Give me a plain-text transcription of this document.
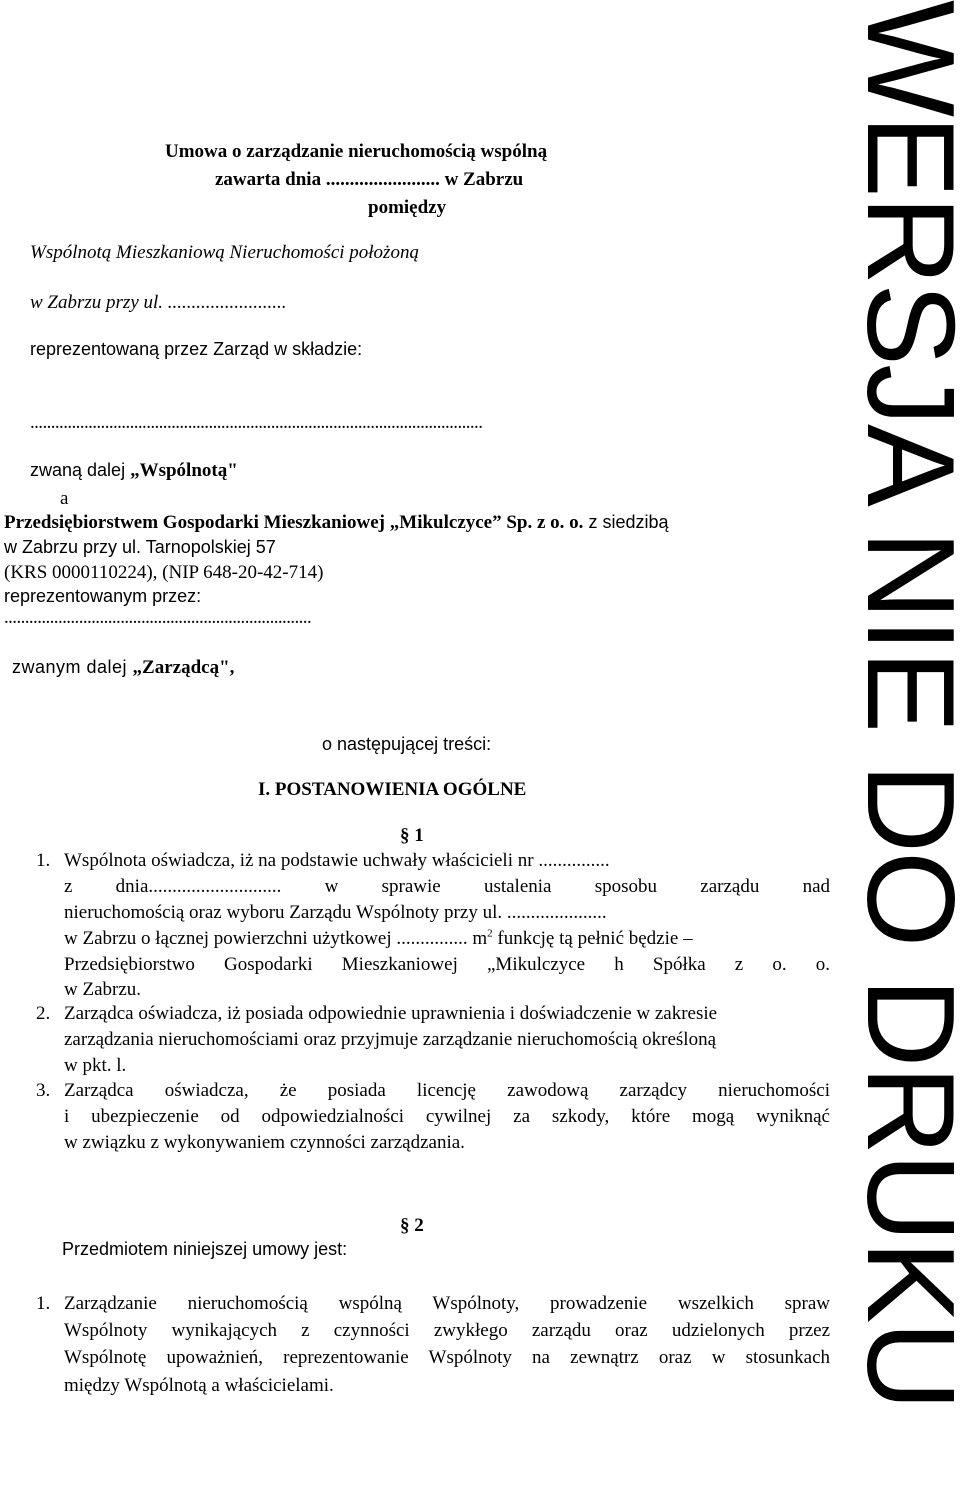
Umowa o zarządzanie nieruchomością wspólną
zawarta dnia ........................ w Zabrzu
pomiędzy
Wspólnotą Mieszkaniową Nieruchomości położoną
w Zabrzu przy ul. .........................
reprezentowaną przez Zarząd w składzie:
.............................................................................................................
zwaną dalej „Wspólnotą"
a
Przedsiębiorstwem Gospodarki Mieszkaniowej „Mikulczyce” Sp. z o. o. z siedzibą
w Zabrzu przy ul. Tarnopolskiej 57
(KRS 0000110224), (NIP 648-20-42-714)
reprezentowanym przez:
..........................................................................
zwanym dalej „Zarządcą",
o następującej treści:
I. POSTANOWIENIA OGÓLNE
§ 1
1. Wspólnota oświadcza, iż na podstawie uchwały właścicieli nr ...............
z dnia............................ w sprawie ustalenia sposobu zarządu nad
nieruchomością oraz wyboru Zarządu Wspólnoty przy ul. .....................
w Zabrzu o łącznej powierzchni użytkowej ............... $m^2$ funkcję tą pełnić będzie –
Przedsiębiorstwo Gospodarki Mieszkaniowej „Mikulczyce h Spółka z o. o.
w Zabrzu.
2. Zarządca oświadcza, iż posiada odpowiednie uprawnienia i doświadczenie w zakresie
zarządzania nieruchomościami oraz przyjmuje zarządzanie nieruchomością określoną
w pkt. l.
3. Zarządca oświadcza, że posiada licencję zawodową zarządcy nieruchomości
i ubezpieczenie od odpowiedzialności cywilnej za szkody, które mogą wyniknąć
w związku z wykonywaniem czynności zarządzania.
§ 2
Przedmiotem niniejszej umowy jest:
1. Zarządzanie nieruchomością wspólną Wspólnoty, prowadzenie wszelkich spraw
Wspólnoty wynikających z czynności zwykłego zarządu oraz udzielonych przez
Wspólnotę upoważnień, reprezentowanie Wspólnoty na zewnątrz oraz w stosunkach
między Wspólnotą a właścicielami.	WERSJA NIE DO DRUKU
